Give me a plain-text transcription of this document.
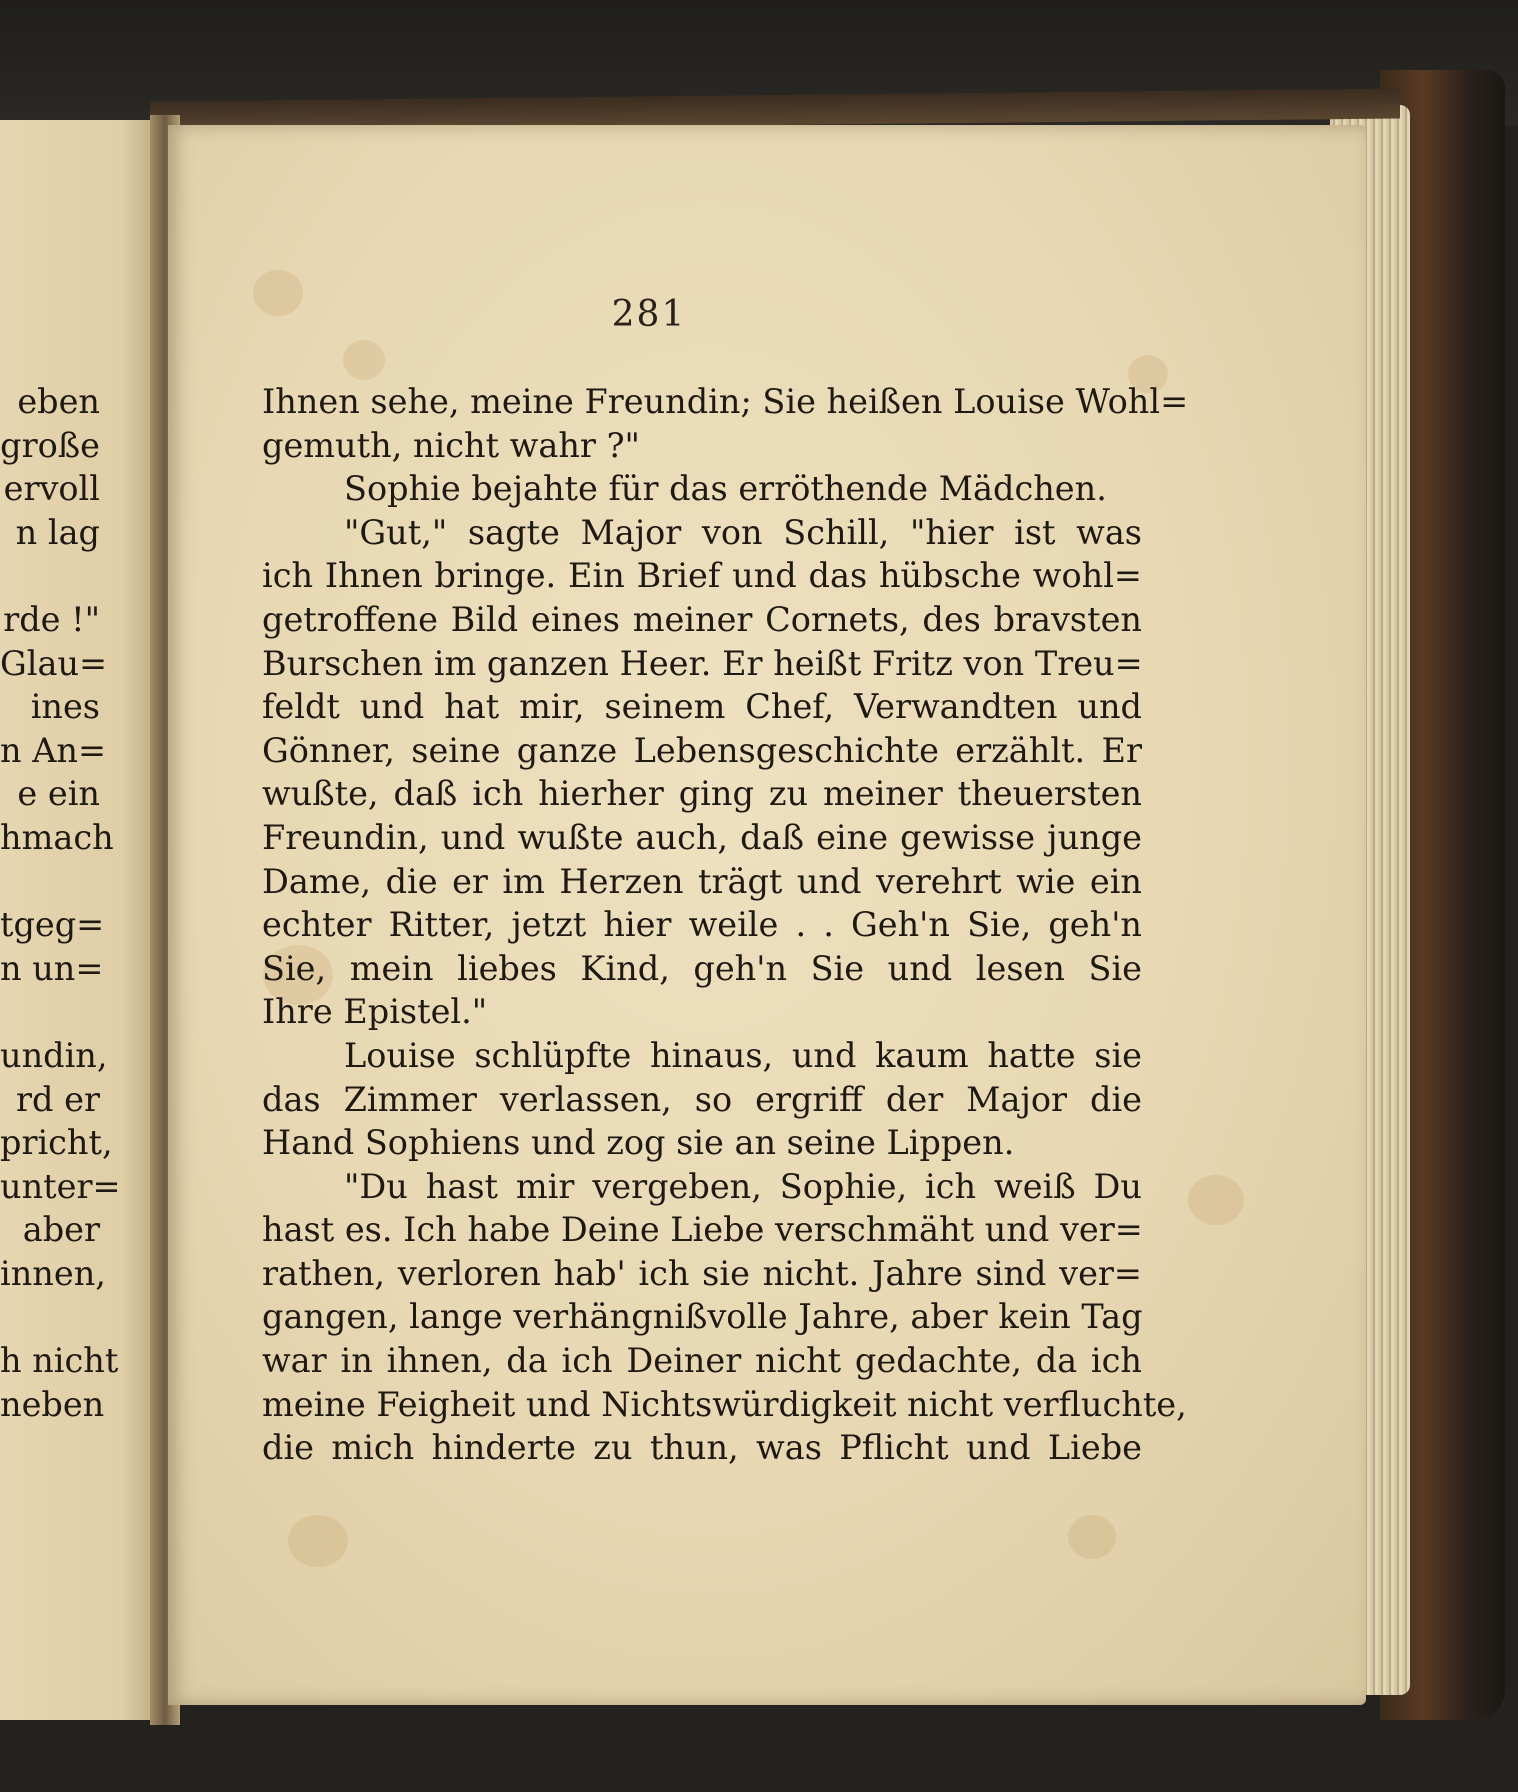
eben
große
ervoll
n lag
rde !"
Glau=
ines
n An=
e ein
hmach
tgeg=
n un=
undin,
rd er
pricht,
unter=
aber
innen,
h nicht
neben
281
Ihnen sehe, meine Freundin; Sie heißen Louise Wohl=
gemuth, nicht wahr ?"
Sophie bejahte für das erröthende Mädchen.
"Gut," sagte Major von Schill, "hier ist was
ich Ihnen bringe. Ein Brief und das hübsche wohl=
getroffene Bild eines meiner Cornets, des bravsten
Burschen im ganzen Heer. Er heißt Fritz von Treu=
feldt und hat mir, seinem Chef, Verwandten und
Gönner, seine ganze Lebensgeschichte erzählt. Er
wußte, daß ich hierher ging zu meiner theuersten
Freundin, und wußte auch, daß eine gewisse junge
Dame, die er im Herzen trägt und verehrt wie ein
echter Ritter, jetzt hier weile . . Geh'n Sie, geh'n
Sie, mein liebes Kind, geh'n Sie und lesen Sie
Ihre Epistel."
Louise schlüpfte hinaus, und kaum hatte sie
das Zimmer verlassen, so ergriff der Major die
Hand Sophiens und zog sie an seine Lippen.
"Du hast mir vergeben, Sophie, ich weiß Du
hast es. Ich habe Deine Liebe verschmäht und ver=
rathen, verloren hab' ich sie nicht. Jahre sind ver=
gangen, lange verhängnißvolle Jahre, aber kein Tag
war in ihnen, da ich Deiner nicht gedachte, da ich
meine Feigheit und Nichtswürdigkeit nicht verfluchte,
die mich hinderte zu thun, was Pflicht und Liebe
